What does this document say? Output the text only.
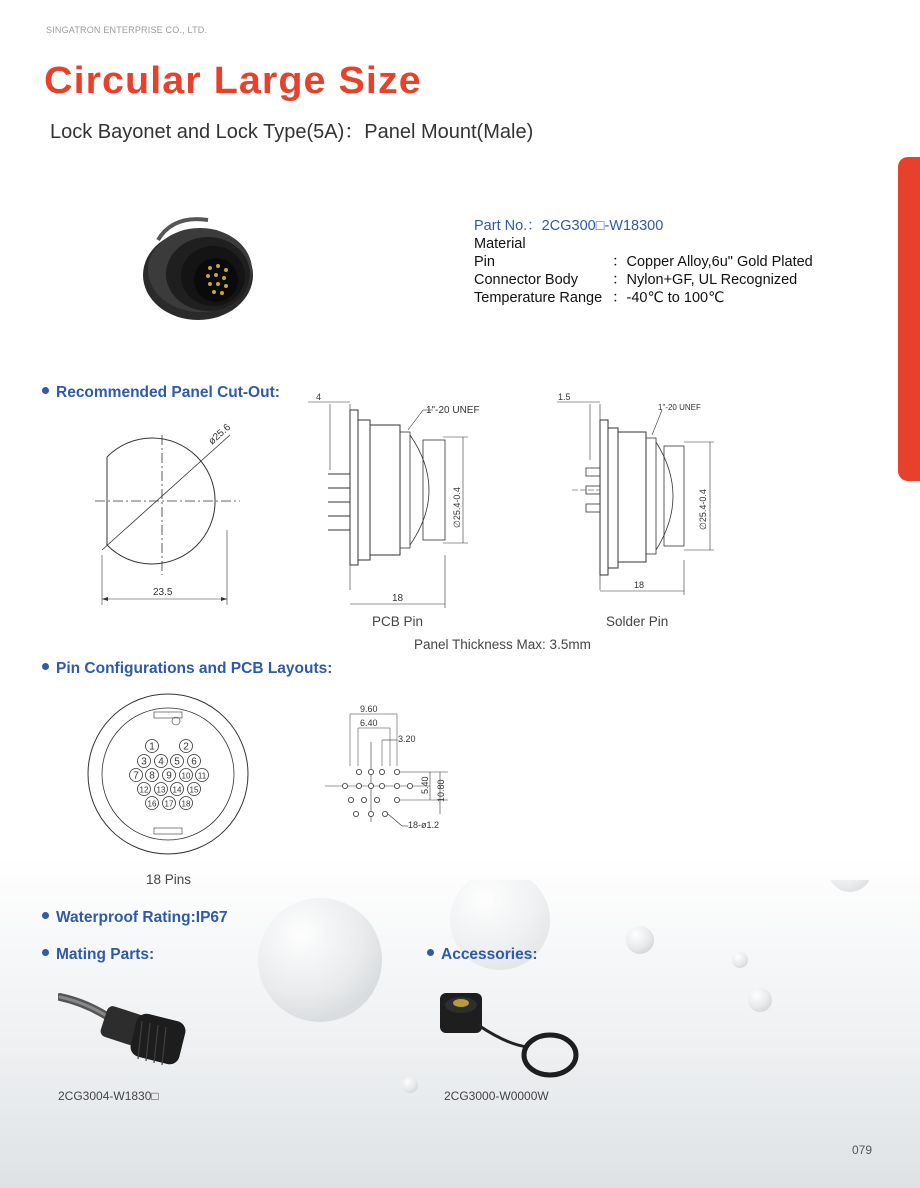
SINGATRON ENTERPRISE CO., LTD.
Circular Large Size
Lock Bayonet and Lock Type(5A)：Panel Mount(Male)
Part No.：2CG300□-W18300
Material
Pin	：Copper Alloy,6u" Gold Plated
Connector Body	：Nylon+GF, UL Recognized
Temperature Range ：-40℃ to 100℃
Recommended Panel Cut-Out:
23.5
ø25.6
4
1"-20 UNEF
∅25.4-0.4
18
PCB Pin
1.5
1"-20 UNEF
∅25.4-0.4
18
Solder Pin
Panel Thickness Max: 3.5mm
Pin Configurations and PCB Layouts:
1	2
3 4 5 6
7 8 9 10 11
12 13 14 15
16 17 18
18 Pins
9.60
6.40
3.20
5.40 10.80
18-ø1.2
Waterproof Rating:IP67
Mating Parts:	Accessories:
2CG3004-W1830□	2CG3000-W0000W
079
